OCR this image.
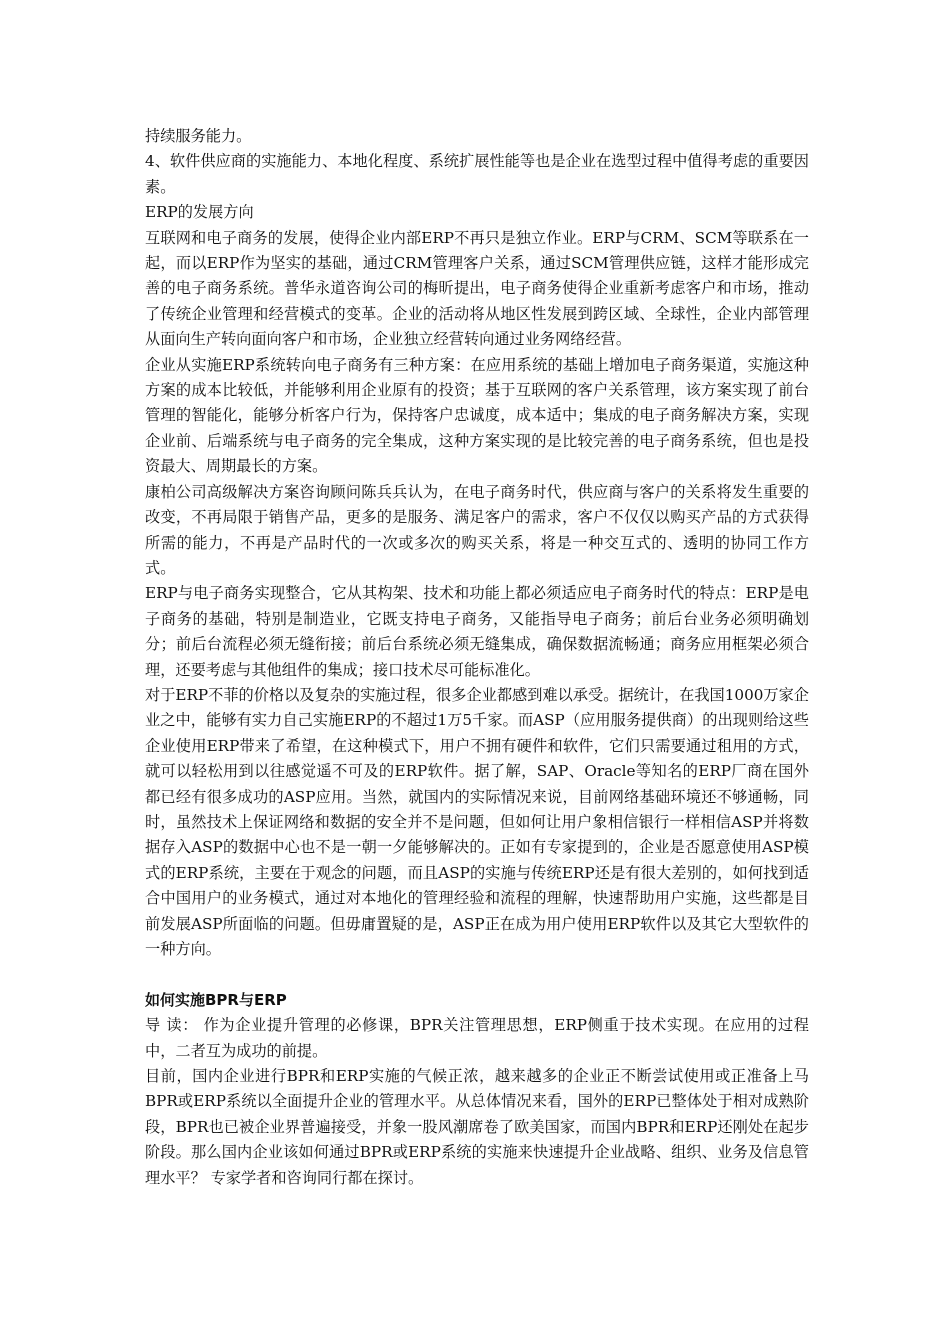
持续服务能力。

4、软件供应商的实施能力、本地化程度、系统扩展性能等也是企业在选型过程中值得考虑的重要因素。

ERP的发展方向

互联网和电子商务的发展，使得企业内部ERP不再只是独立作业。ERP与CRM、SCM等联系在一起，而以ERP作为坚实的基础，通过CRM管理客户关系，通过SCM管理供应链，这样才能形成完善的电子商务系统。普华永道咨询公司的梅昕提出，电子商务使得企业重新考虑客户和市场，推动了传统企业管理和经营模式的变革。企业的活动将从地区性发展到跨区域、全球性，企业内部管理从面向生产转向面向客户和市场，企业独立经营转向通过业务网络经营。

企业从实施ERP系统转向电子商务有三种方案：在应用系统的基础上增加电子商务渠道，实施这种方案的成本比较低，并能够利用企业原有的投资；基于互联网的客户关系管理，该方案实现了前台管理的智能化，能够分析客户行为，保持客户忠诚度，成本适中；集成的电子商务解决方案，实现企业前、后端系统与电子商务的完全集成，这种方案实现的是比较完善的电子商务系统，但也是投资最大、周期最长的方案。

康柏公司高级解决方案咨询顾问陈兵兵认为，在电子商务时代，供应商与客户的关系将发生重要的改变，不再局限于销售产品，更多的是服务、满足客户的需求，客户不仅仅以购买产品的方式获得所需的能力，不再是产品时代的一次或多次的购买关系，将是一种交互式的、透明的协同工作方式。

ERP与电子商务实现整合，它从其构架、技术和功能上都必须适应电子商务时代的特点：ERP是电子商务的基础，特别是制造业，它既支持电子商务，又能指导电子商务；前后台业务必须明确划分；前后台流程必须无缝衔接；前后台系统必须无缝集成，确保数据流畅通；商务应用框架必须合理，还要考虑与其他组件的集成；接口技术尽可能标准化。

对于ERP不菲的价格以及复杂的实施过程，很多企业都感到难以承受。据统计，在我国1000万家企业之中，能够有实力自己实施ERP的不超过1万5千家。而ASP（应用服务提供商）的出现则给这些企业使用ERP带来了希望，在这种模式下，用户不拥有硬件和软件，它们只需要通过租用的方式，就可以轻松用到以往感觉遥不可及的ERP软件。据了解，SAP、Oracle等知名的ERP厂商在国外都已经有很多成功的ASP应用。当然，就国内的实际情况来说，目前网络基础环境还不够通畅，同时，虽然技术上保证网络和数据的安全并不是问题，但如何让用户象相信银行一样相信ASP并将数据存入ASP的数据中心也不是一朝一夕能够解决的。正如有专家提到的，企业是否愿意使用ASP模式的ERP系统，主要在于观念的问题，而且ASP的实施与传统ERP还是有很大差别的，如何找到适合中国用户的业务模式，通过对本地化的管理经验和流程的理解，快速帮助用户实施，这些都是目前发展ASP所面临的问题。但毋庸置疑的是，ASP正在成为用户使用ERP软件以及其它大型软件的一种方向。

如何实施BPR与ERP

导 读： 作为企业提升管理的必修课，BPR关注管理思想，ERP侧重于技术实现。在应用的过程中，二者互为成功的前提。

目前，国内企业进行BPR和ERP实施的气候正浓，越来越多的企业正不断尝试使用或正准备上马BPR或ERP系统以全面提升企业的管理水平。从总体情况来看，国外的ERP已整体处于相对成熟阶段，BPR也已被企业界普遍接受，并象一股风潮席卷了欧美国家，而国内BPR和ERP还刚处在起步阶段。那么国内企业该如何通过BPR或ERP系统的实施来快速提升企业战略、组织、业务及信息管理水平？ 专家学者和咨询同行都在探讨。
